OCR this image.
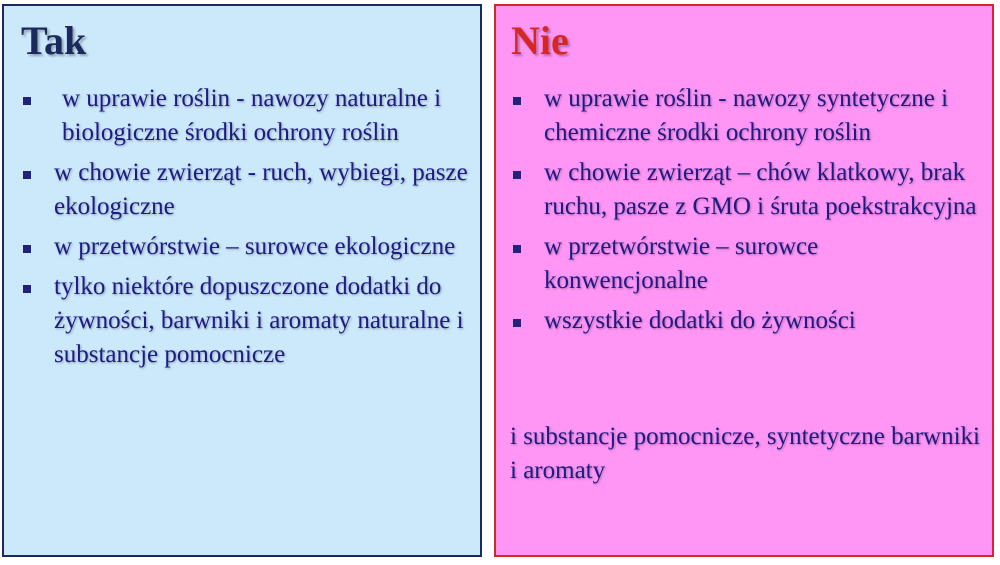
Tak
w uprawie roślin - nawozy naturalne i biologiczne środki ochrony roślin
w chowie zwierząt - ruch, wybiegi, pasze ekologiczne
w przetwórstwie – surowce ekologiczne
tylko niektóre dopuszczone dodatki do żywności, barwniki i aromaty naturalne i substancje pomocnicze
Nie
w uprawie roślin - nawozy syntetyczne i chemiczne środki ochrony roślin
w chowie zwierząt – chów klatkowy, brak ruchu, pasze z GMO i śruta poekstrakcyjna
w przetwórstwie – surowce konwencjonalne
wszystkie dodatki do żywności

i substancje pomocnicze, syntetyczne barwniki i aromaty
